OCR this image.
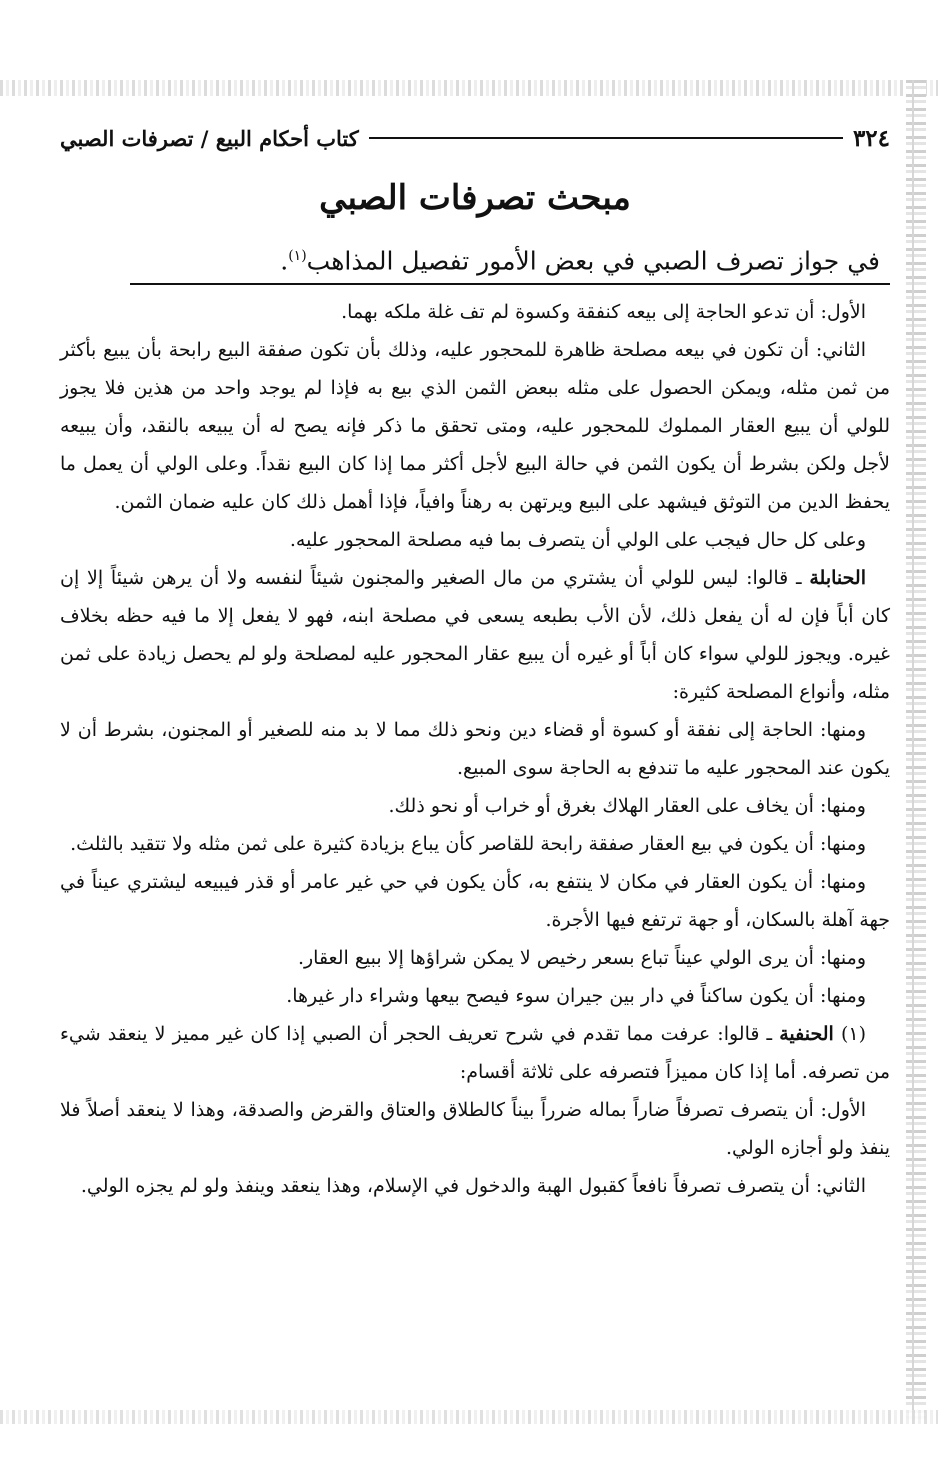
٣٢٤
كتاب أحكام البيع / تصرفات الصبي
مبحث تصرفات الصبي
في جواز تصرف الصبي في بعض الأمور تفصيل المذاهب$^{(١)}$.

الأول: أن تدعو الحاجة إلى بيعه كنفقة وكسوة لم تف غلة ملكه بهما.

الثاني: أن تكون في بيعه مصلحة ظاهرة للمحجور عليه، وذلك بأن تكون صفقة البيع رابحة بأن يبيع بأكثر من ثمن مثله، ويمكن الحصول على مثله ببعض الثمن الذي بيع به فإذا لم يوجد واحد من هذين فلا يجوز للولي أن يبيع العقار المملوك للمحجور عليه، ومتى تحقق ما ذكر فإنه يصح له أن يبيعه بالنقد، وأن يبيعه لأجل ولكن بشرط أن يكون الثمن في حالة البيع لأجل أكثر مما إذا كان البيع نقداً. وعلى الولي أن يعمل ما يحفظ الدين من التوثق فيشهد على البيع ويرتهن به رهناً وافياً، فإذا أهمل ذلك كان عليه ضمان الثمن.

وعلى كل حال فيجب على الولي أن يتصرف بما فيه مصلحة المحجور عليه.

الحنابلة ـ قالوا: ليس للولي أن يشتري من مال الصغير والمجنون شيئاً لنفسه ولا أن يرهن شيئاً إلا إن كان أباً فإن له أن يفعل ذلك، لأن الأب بطبعه يسعى في مصلحة ابنه، فهو لا يفعل إلا ما فيه حظه بخلاف غيره. ويجوز للولي سواء كان أباً أو غيره أن يبيع عقار المحجور عليه لمصلحة ولو لم يحصل زيادة على ثمن مثله، وأنواع المصلحة كثيرة:

ومنها: الحاجة إلى نفقة أو كسوة أو قضاء دين ونحو ذلك مما لا بد منه للصغير أو المجنون، بشرط أن لا يكون عند المحجور عليه ما تندفع به الحاجة سوى المبيع.

ومنها: أن يخاف على العقار الهلاك بغرق أو خراب أو نحو ذلك.

ومنها: أن يكون في بيع العقار صفقة رابحة للقاصر كأن يباع بزيادة كثيرة على ثمن مثله ولا تتقيد بالثلث.

ومنها: أن يكون العقار في مكان لا ينتفع به، كأن يكون في حي غير عامر أو قذر فيبيعه ليشتري عيناً في جهة آهلة بالسكان، أو جهة ترتفع فيها الأجرة.

ومنها: أن يرى الولي عيناً تباع بسعر رخيص لا يمكن شراؤها إلا ببيع العقار.

ومنها: أن يكون ساكناً في دار بين جيران سوء فيصح بيعها وشراء دار غيرها.

(١) الحنفية ـ قالوا: عرفت مما تقدم في شرح تعريف الحجر أن الصبي إذا كان غير مميز لا ينعقد شيء من تصرفه. أما إذا كان مميزاً فتصرفه على ثلاثة أقسام:

الأول: أن يتصرف تصرفاً ضاراً بماله ضرراً بيناً كالطلاق والعتاق والقرض والصدقة، وهذا لا ينعقد أصلاً فلا ينفذ ولو أجازه الولي.

الثاني: أن يتصرف تصرفاً نافعاً كقبول الهبة والدخول في الإسلام، وهذا ينعقد وينفذ ولو لم يجزه الولي.
